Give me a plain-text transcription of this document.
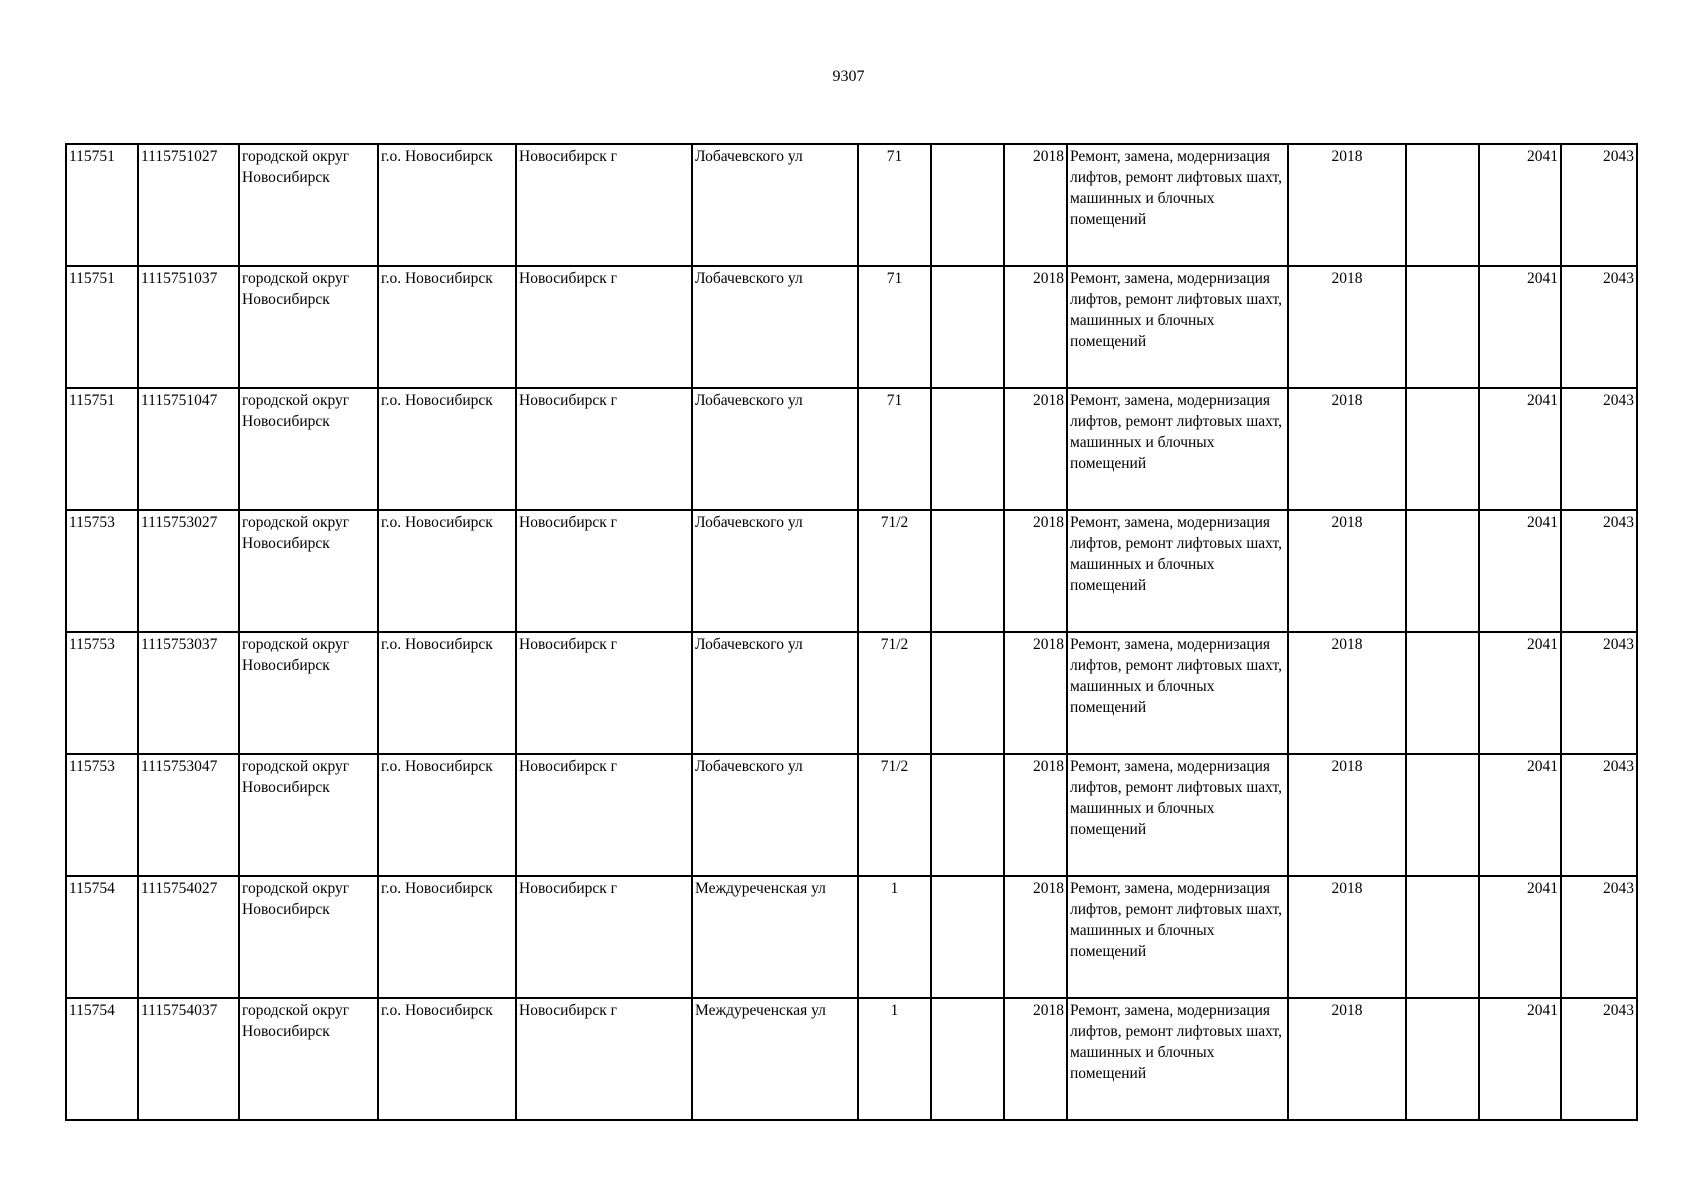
9307
115751	1115751027	городской округ Новосибирск	г.о. Новосибирск	Новосибирск г	Лобачевского ул	71		2018	Ремонт, замена, модернизация лифтов, ремонт лифтовых шахт, машинных и блочных помещений	2018		2041	2043
115751	1115751037	городской округ Новосибирск	г.о. Новосибирск	Новосибирск г	Лобачевского ул	71		2018	Ремонт, замена, модернизация лифтов, ремонт лифтовых шахт, машинных и блочных помещений	2018		2041	2043
115751	1115751047	городской округ Новосибирск	г.о. Новосибирск	Новосибирск г	Лобачевского ул	71		2018	Ремонт, замена, модернизация лифтов, ремонт лифтовых шахт, машинных и блочных помещений	2018		2041	2043
115753	1115753027	городской округ Новосибирск	г.о. Новосибирск	Новосибирск г	Лобачевского ул	71/2		2018	Ремонт, замена, модернизация лифтов, ремонт лифтовых шахт, машинных и блочных помещений	2018		2041	2043
115753	1115753037	городской округ Новосибирск	г.о. Новосибирск	Новосибирск г	Лобачевского ул	71/2		2018	Ремонт, замена, модернизация лифтов, ремонт лифтовых шахт, машинных и блочных помещений	2018		2041	2043
115753	1115753047	городской округ Новосибирск	г.о. Новосибирск	Новосибирск г	Лобачевского ул	71/2		2018	Ремонт, замена, модернизация лифтов, ремонт лифтовых шахт, машинных и блочных помещений	2018		2041	2043
115754	1115754027	городской округ Новосибирск	г.о. Новосибирск	Новосибирск г	Междуреченская ул	1		2018	Ремонт, замена, модернизация лифтов, ремонт лифтовых шахт, машинных и блочных помещений	2018		2041	2043
115754	1115754037	городской округ Новосибирск	г.о. Новосибирск	Новосибирск г	Междуреченская ул	1		2018	Ремонт, замена, модернизация лифтов, ремонт лифтовых шахт, машинных и блочных помещений	2018		2041	2043
